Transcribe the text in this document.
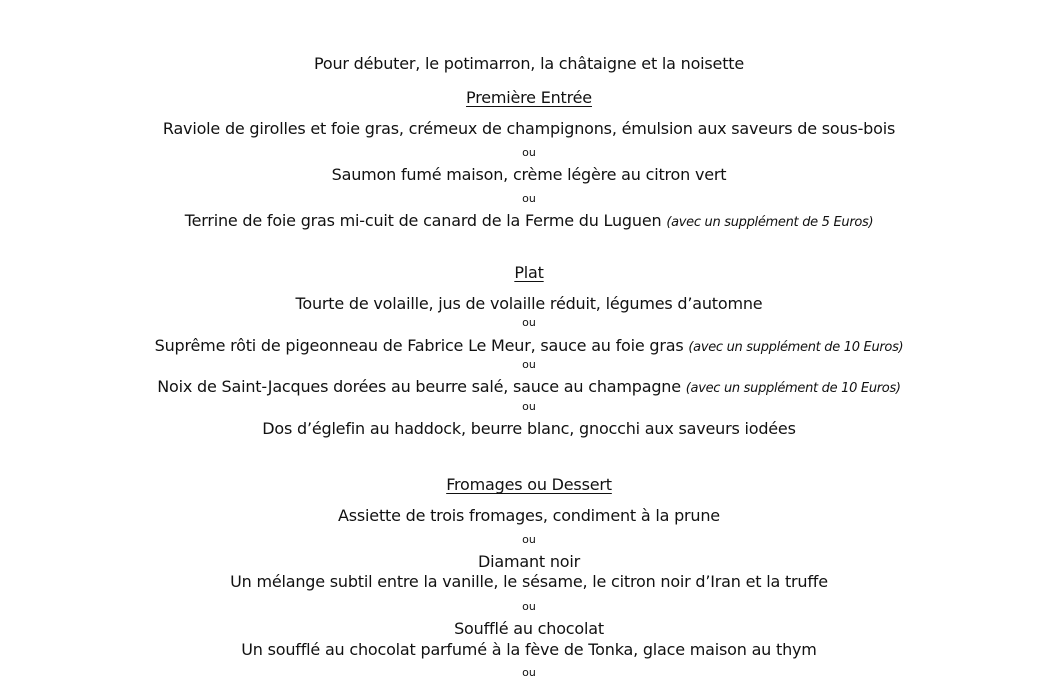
Pour débuter, le potimarron, la châtaigne et la noisette
Première Entrée
Raviole de girolles et foie gras, crémeux de champignons, émulsion aux saveurs de sous-bois
ou
Saumon fumé maison, crème légère au citron vert
ou
Terrine de foie gras mi-cuit de canard de la Ferme du Luguen (avec un supplément de 5 Euros)
Plat
Tourte de volaille, jus de volaille réduit, légumes d’automne
ou
Suprême rôti de pigeonneau de Fabrice Le Meur, sauce au foie gras (avec un supplément de 10 Euros)
ou
Noix de Saint-Jacques dorées au beurre salé, sauce au champagne (avec un supplément de 10 Euros)
ou
Dos d’églefin au haddock, beurre blanc, gnocchi aux saveurs iodées
Fromages ou Dessert
Assiette de trois fromages, condiment à la prune
ou
Diamant noir
Un mélange subtil entre la vanille, le sésame, le citron noir d’Iran et la truffe
ou
Soufflé au chocolat
Un soufflé au chocolat parfumé à la fève de Tonka, glace maison au thym
ou
